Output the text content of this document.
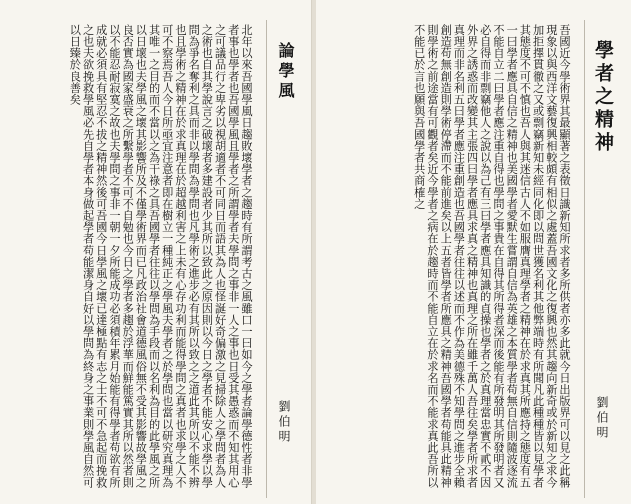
論學風

北年以來吾國學風日趨敗壞學者之趨時有所謂考古之風雖口一曰如今之學者論學德性者非學者事也學者也吾國學風且學者之所謂學者夫學問之事非一人之事也日受其愚惑而不知其用心之可議品行之卑劣以視胡適者不可同日而語其為人也怪誕好奇偏激之見掃除人之學問者為人之術也自其學說言之破壞者多建設者少其所以致此之原因則以今日之學者不能安心求學以學問為爭名奪利之具而非以學問為學問也凡學術之進步必有其所以致之之道此其所以不能不辨也且學術之精神在於求真理在於超越利害之上未有心存功利而能得學問之真者也求學之人不可不察焉吾人今日所亟宜注意者即在樹立一種純正之學風夫學者之於學問也當以研究真理為其唯一之目的而不當以之為干祿之具吾國學者往往以學問為手段而以名利為目的此學風之所以日壞也夫學風之壞其影響所及不僅學術界而已凡政治社會道德風俗無不受其影響故學風之良否實為國家盛衰之所繫學者不可不自勉也今日之學者多趨於浮華而鮮能篤實其所以然者則以不能忍耐寂寞之故也夫學問之事非一朝一夕所能成功必須積年累月始能有得學者苟欲有所成就必須具有堅忍不拔之精神然後可吾國今日學風之壞已達極點有志之士不可不急起而挽救之也夫欲挽救學風必先自學者本身做起學者苟能潔身自好以學問為終身之事業則學風自然可以日臻於良善矣

劉伯明
學者之精神

吾國近今學術界其最顯著之表徵日識新知所求者多所供者亦多此就今日出版界可以見之此稱現象以與西洋文藝復興相較頗有相似之處蓋吾國文化之復興也然其趨向新奇或於新知之求今加拒擇貫徹之又或剽竊新知未經同化即以問世獲名利其他弊端時有所聞凡此種種皆以見學者其態度不可不慎也吾人與其迷信古人不如服膺真理學者之精神在於求真其所應持之態度有五一曰學者應具自信之精神也美國學者愛默生嘗謂自信為英雄之本質學者苟無自信則隨波逐流不能自立二曰學者應注重自得也學問之事貴在自得其所得者深而後能有所發明其所發明者又必自得而非剽竊他人之說以為己有三曰學者應具知識的貞操也學者之於真理當忠實不貳不因外界之誘惑而改變其主張四曰學者應具求真之精神也真理之所在雖千萬人吾往矣學者所求者真理而非名利五曰學者應注重創造也吾國學者往往以述而不作為美德殊不知學問之進步全賴創造苟無創造則學術停滯而不能前進矣以上五者皆學者所應具之精神吾國學者苟能具此精神則學術之前途當有可觀者矣近今學者之病在於趨時而不能自立在於求名而不能求真此吾所以不能已於言也願與吾國學者共商榷之

劉伯明
